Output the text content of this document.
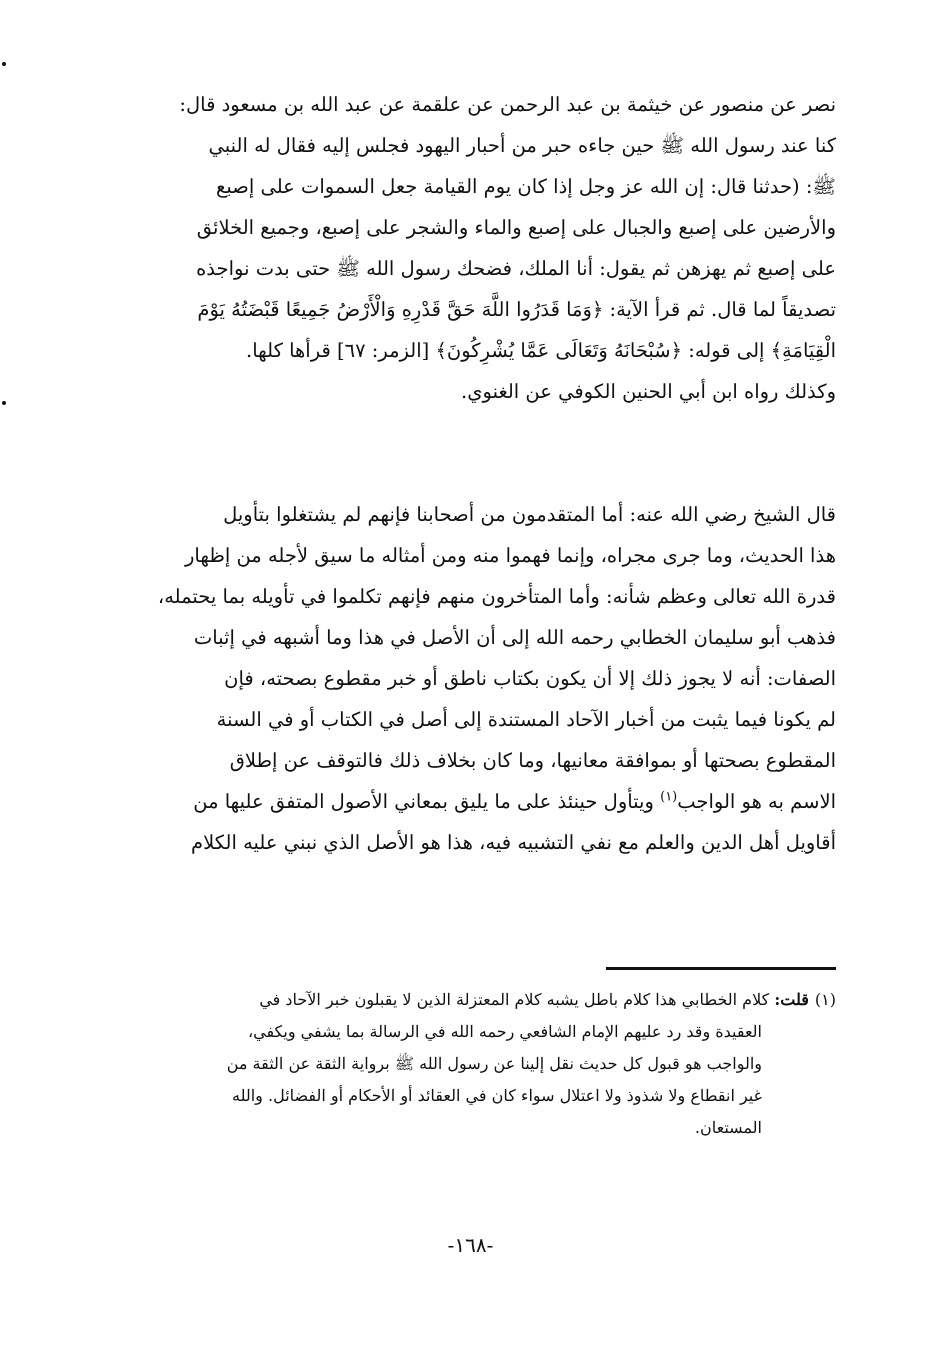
نصر عن منصور عن خيثمة بن عبد الرحمن عن علقمة عن عبد الله بن مسعود قال:
كنا عند رسول الله ﷺ حين جاءه حبر من أحبار اليهود فجلس إليه فقال له النبي
ﷺ: (حدثنا قال: إن الله عز وجل إذا كان يوم القيامة جعل السموات على إصبع
والأرضين على إصبع والجبال على إصبع والماء والشجر على إصبع، وجميع الخلائق
على إصبع ثم يهزهن ثم يقول: أنا الملك، فضحك رسول الله ﷺ حتى بدت نواجذه
تصديقاً لما قال. ثم قرأ الآية: ﴿وَمَا قَدَرُوا اللَّهَ حَقَّ قَدْرِهِ وَالْأَرْضُ جَمِيعًا قَبْضَتُهُ يَوْمَ
الْقِيَامَةِ﴾ إلى قوله: ﴿سُبْحَانَهُ وَتَعَالَى عَمَّا يُشْرِكُونَ﴾ [الزمر: ٦٧] قرأها كلها.
وكذلك رواه ابن أبي الحنين الكوفي عن الغنوي.
قال الشيخ رضي الله عنه: أما المتقدمون من أصحابنا فإنهم لم يشتغلوا بتأويل
هذا الحديث، وما جرى مجراه، وإنما فهموا منه ومن أمثاله ما سيق لأجله من إظهار
قدرة الله تعالى وعظم شأنه: وأما المتأخرون منهم فإنهم تكلموا في تأويله بما يحتمله،
فذهب أبو سليمان الخطابي رحمه الله إلى أن الأصل في هذا وما أشبهه في إثبات
الصفات: أنه لا يجوز ذلك إلا أن يكون بكتاب ناطق أو خبر مقطوع بصحته، فإن
لم يكونا فيما يثبت من أخبار الآحاد المستندة إلى أصل في الكتاب أو في السنة
المقطوع بصحتها أو بموافقة معانيها، وما كان بخلاف ذلك فالتوقف عن إطلاق
الاسم به هو الواجب$^{(١)}$ ويتأول حينئذ على ما يليق بمعاني الأصول المتفق عليها من
أقاويل أهل الدين والعلم مع نفي التشبيه فيه، هذا هو الأصل الذي نبني عليه الكلام
(١)قلت: كلام الخطابي هذا كلام باطل يشبه كلام المعتزلة الذين لا يقبلون خبر الآحاد في
العقيدة وقد رد عليهم الإمام الشافعي رحمه الله في الرسالة بما يشفي ويكفي،
والواجب هو قبول كل حديث نقل إلينا عن رسول الله ﷺ برواية الثقة عن الثقة من
غير انقطاع ولا شذوذ ولا اعتلال سواء كان في العقائد أو الأحكام أو الفضائل. والله
المستعان.
-١٦٨-
